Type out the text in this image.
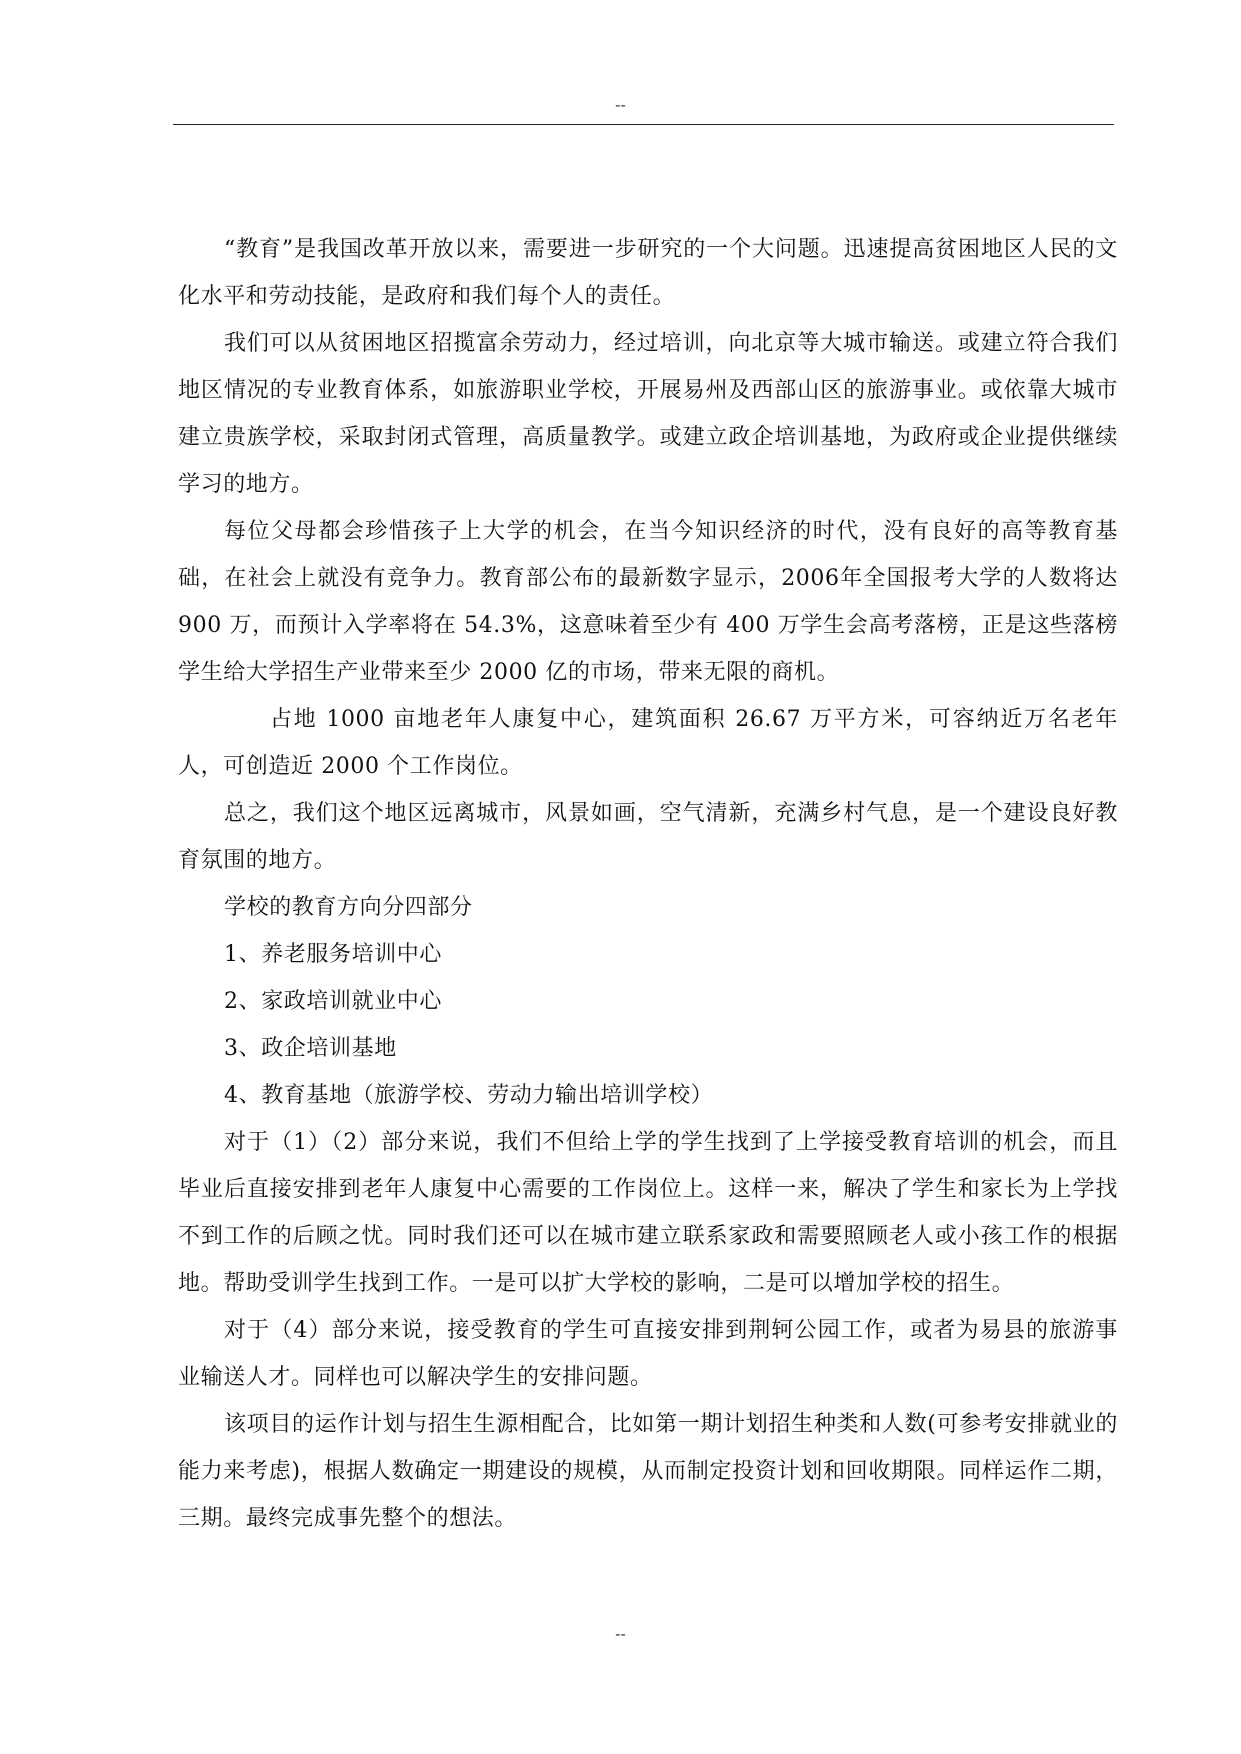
--

“教育”是我国改革开放以来，需要进一步研究的一个大问题。迅速提高贫困地区人民的文化水平和劳动技能，是政府和我们每个人的责任。

我们可以从贫困地区招揽富余劳动力，经过培训，向北京等大城市输送。或建立符合我们地区情况的专业教育体系，如旅游职业学校，开展易州及西部山区的旅游事业。或依靠大城市建立贵族学校，采取封闭式管理，高质量教学。或建立政企培训基地，为政府或企业提供继续学习的地方。

每位父母都会珍惜孩子上大学的机会，在当今知识经济的时代，没有良好的高等教育基础，在社会上就没有竞争力。教育部公布的最新数字显示，2006年全国报考大学的人数将达 900 万，而预计入学率将在 54.3%，这意味着至少有 400 万学生会高考落榜，正是这些落榜学生给大学招生产业带来至少 2000 亿的市场，带来无限的商机。

占地 1000 亩地老年人康复中心，建筑面积 26.67 万平方米，可容纳近万名老年人，可创造近 2000 个工作岗位。

总之，我们这个地区远离城市，风景如画，空气清新，充满乡村气息，是一个建设良好教育氛围的地方。

学校的教育方向分四部分

1、养老服务培训中心

2、家政培训就业中心

3、政企培训基地

4、教育基地（旅游学校、劳动力输出培训学校）

对于（1）（2）部分来说，我们不但给上学的学生找到了上学接受教育培训的机会，而且毕业后直接安排到老年人康复中心需要的工作岗位上。这样一来，解决了学生和家长为上学找不到工作的后顾之忧。同时我们还可以在城市建立联系家政和需要照顾老人或小孩工作的根据地。帮助受训学生找到工作。一是可以扩大学校的影响，二是可以增加学校的招生。

对于（4）部分来说，接受教育的学生可直接安排到荆轲公园工作，或者为易县的旅游事业输送人才。同样也可以解决学生的安排问题。

该项目的运作计划与招生生源相配合，比如第一期计划招生种类和人数(可参考安排就业的能力来考虑)，根据人数确定一期建设的规模，从而制定投资计划和回收期限。同样运作二期，三期。最终完成事先整个的想法。

--
